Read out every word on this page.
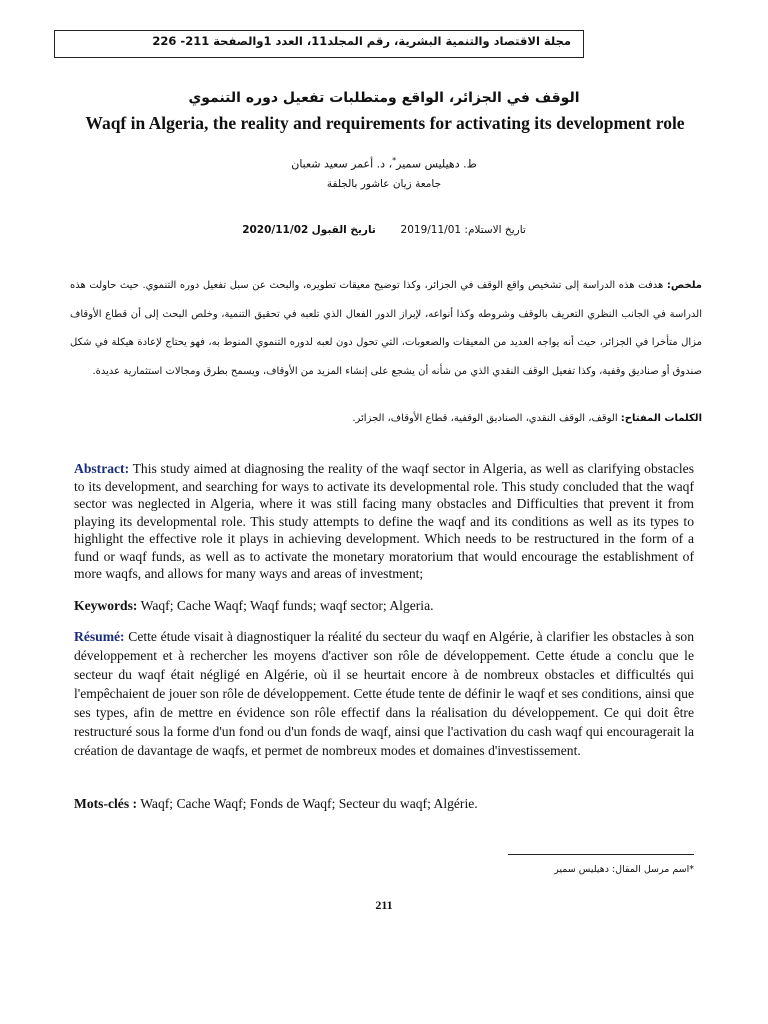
مجلة الاقتصاد والتنمية البشرية، رقم المجلد11، العدد 1والصفحة 211- 226
الوقف في الجزائر، الواقع ومتطلبات تفعيل دوره التنموي
Waqf in Algeria, the reality and requirements for activating its development role
ط. دهيليس سمير*، د. أعمر سعيد شعبان
جامعة زيان عاشور بالجلفة
تاريخ الاستلام: 2019/11/01  تاريخ القبول 2020/11/02
ملخص: هدفت هذه الدراسة إلى تشخيص واقع الوقف في الجزائر، وكذا توضيح معيقات تطويره، والبحث عن سبل تفعيل دوره التنموي. حيث حاولت هذه الدراسة في الجانب النظري التعريف بالوقف وشروطه وكذا أنواعه، لإبراز الدور الفعال الذي تلعبه في تحقيق التنمية، وخلص البحث إلى أن قطاع الأوقاف مزال متأخرا في الجزائر، حيث أنه يواجه العديد من المعيقات والصعوبات، التي تحول دون لعبه لدوره التنموي المنوط به، فهو يحتاج لإعادة هيكلة في شكل صندوق أو صناديق وقفية، وكذا تفعيل الوقف النقدي الذي من شأنه أن يشجع على إنشاء المزيد من الأوقاف، ويسمح بطرق ومجالات استثمارية عديدة.
الكلمات المفتاح: الوقف، الوقف النقدي، الصناديق الوقفية، قطاع الأوقاف، الجزائر.
Abstract: This study aimed at diagnosing the reality of the waqf sector in Algeria, as well as clarifying obstacles to its development, and searching for ways to activate its developmental role. This study concluded that the waqf sector was neglected in Algeria, where it was still facing many obstacles and Difficulties that prevent it from playing its developmental role. This study attempts to define the waqf and its conditions as well as its types to highlight the effective role it plays in achieving development. Which needs to be restructured in the form of a fund or waqf funds, as well as to activate the monetary moratorium that would encourage the establishment of more waqfs, and allows for many ways and areas of investment;
Keywords: Waqf; Cache Waqf; Waqf funds; waqf sector; Algeria.
Résumé: Cette étude visait à diagnostiquer la réalité du secteur du waqf en Algérie, à clarifier les obstacles à son développement et à rechercher les moyens d'activer son rôle de développement. Cette étude a conclu que le secteur du waqf était négligé en Algérie, où il se heurtait encore à de nombreux obstacles et difficultés qui l'empêchaient de jouer son rôle de développement. Cette étude tente de définir le waqf et ses conditions, ainsi que ses types, afin de mettre en évidence son rôle effectif dans la réalisation du développement. Ce qui doit être restructuré sous la forme d'un fond ou d'un fonds de waqf, ainsi que l'activation du cash waqf qui encouragerait la création de davantage de waqfs, et permet de nombreux modes et domaines d'investissement.
Mots-clés : Waqf; Cache Waqf; Fonds de Waqf; Secteur du waqf; Algérie.
*اسم مرسل المقال: دهيليس سمير
211
